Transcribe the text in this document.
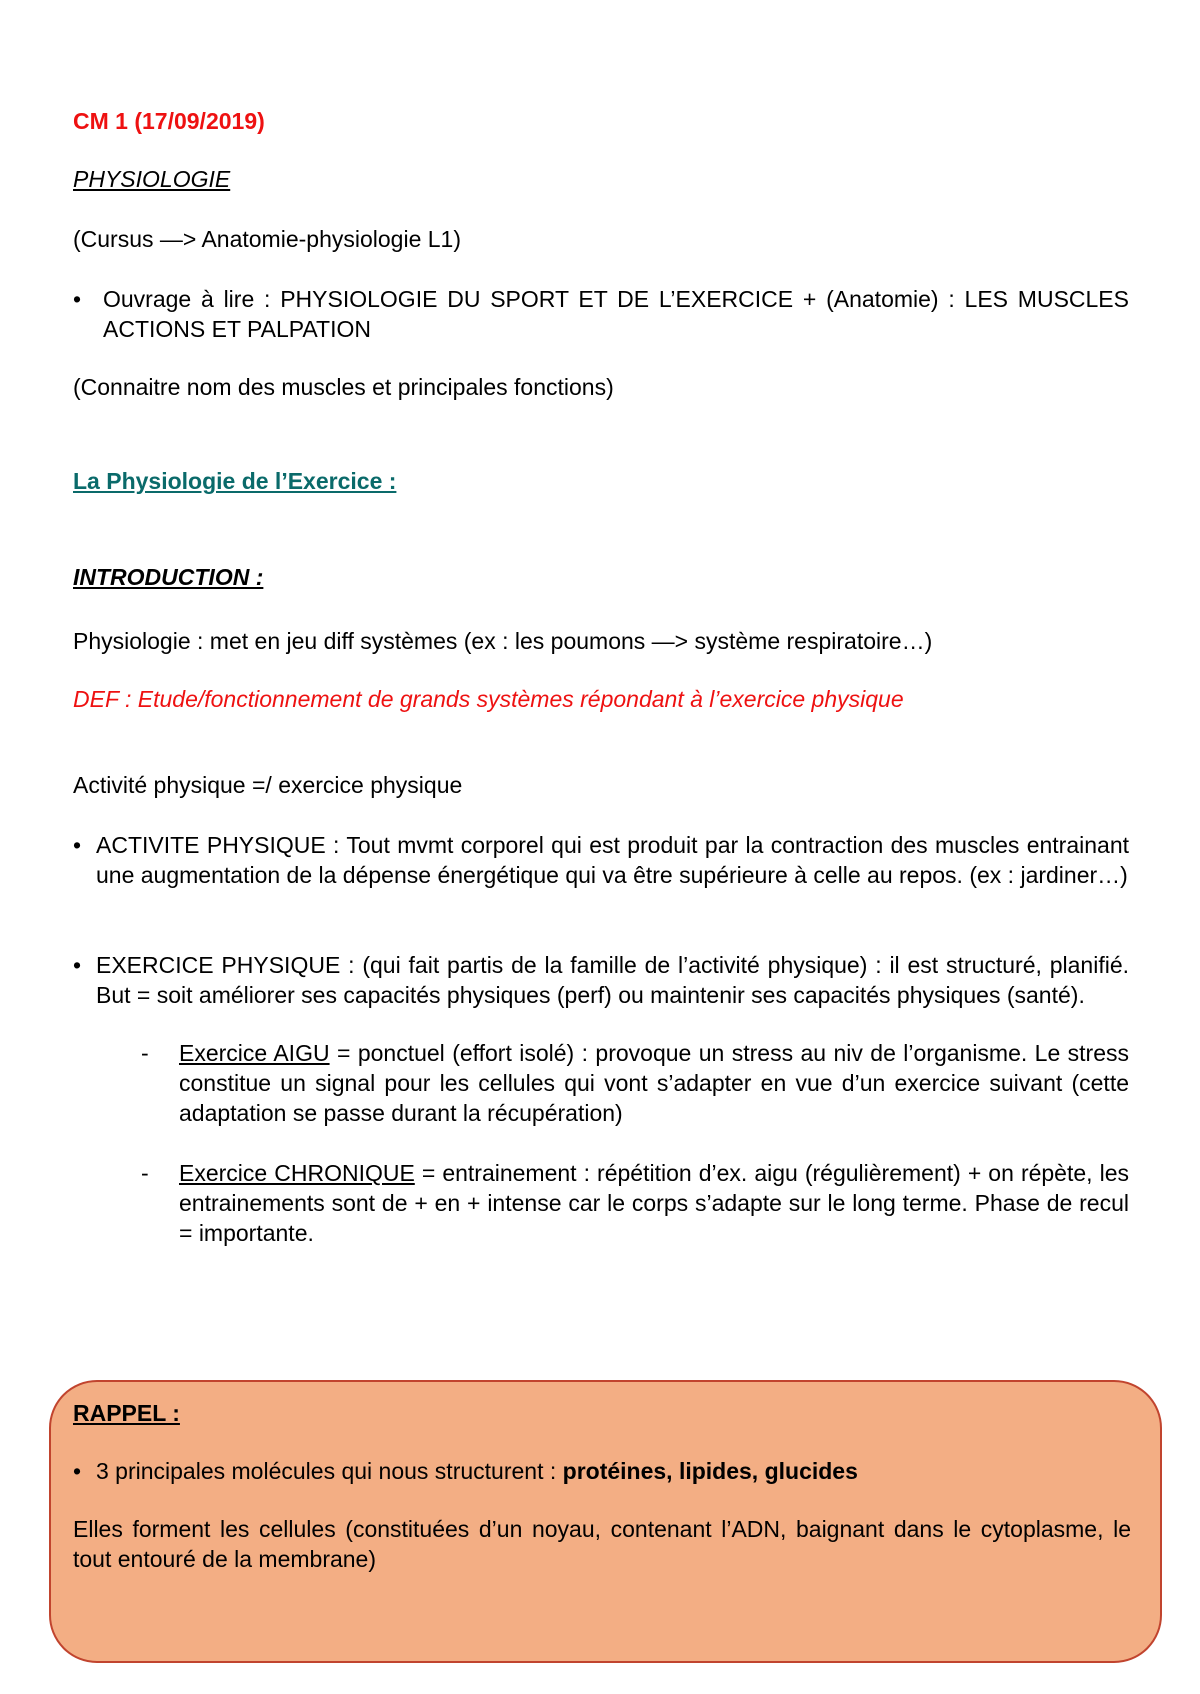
CM 1 (17/09/2019)

PHYSIOLOGIE

(Cursus —> Anatomie-physiologie L1)

• Ouvrage à lire : PHYSIOLOGIE DU SPORT ET DE L’EXERCICE + (Anatomie) : LES MUSCLES ACTIONS ET PALPATION

(Connaitre nom des muscles et principales fonctions)

La Physiologie de l’Exercice :

INTRODUCTION :

Physiologie : met en jeu diff systèmes (ex : les poumons —> système respiratoire…)

DEF : Etude/fonctionnement de grands systèmes répondant à l’exercice physique

Activité physique =/ exercice physique

• ACTIVITE PHYSIQUE : Tout mvmt corporel qui est produit par la contraction des muscles entrainant une augmentation de la dépense énergétique qui va être supérieure à celle au repos. (ex : jardiner…)
• EXERCICE PHYSIQUE : (qui fait partis de la famille de l’activité physique) : il est structuré, planifié. But = soit améliorer ses capacités physiques (perf) ou maintenir ses capacités physiques (santé).
- Exercice AIGU = ponctuel (effort isolé) : provoque un stress au niv de l’organisme. Le stress constitue un signal pour les cellules qui vont s’adapter en vue d’un exercice suivant (cette adaptation se passe durant la récupération)
- Exercice CHRONIQUE = entrainement : répétition d’ex. aigu (régulièrement) + on répète, les entrainements sont de + en + intense car le corps s’adapte sur le long terme. Phase de recul = importante.

RAPPEL :

• 3 principales molécules qui nous structurent : protéines, lipides, glucides

Elles forment les cellules (constituées d’un noyau, contenant l’ADN, baignant dans le cytoplasme, le tout entouré de la membrane)
